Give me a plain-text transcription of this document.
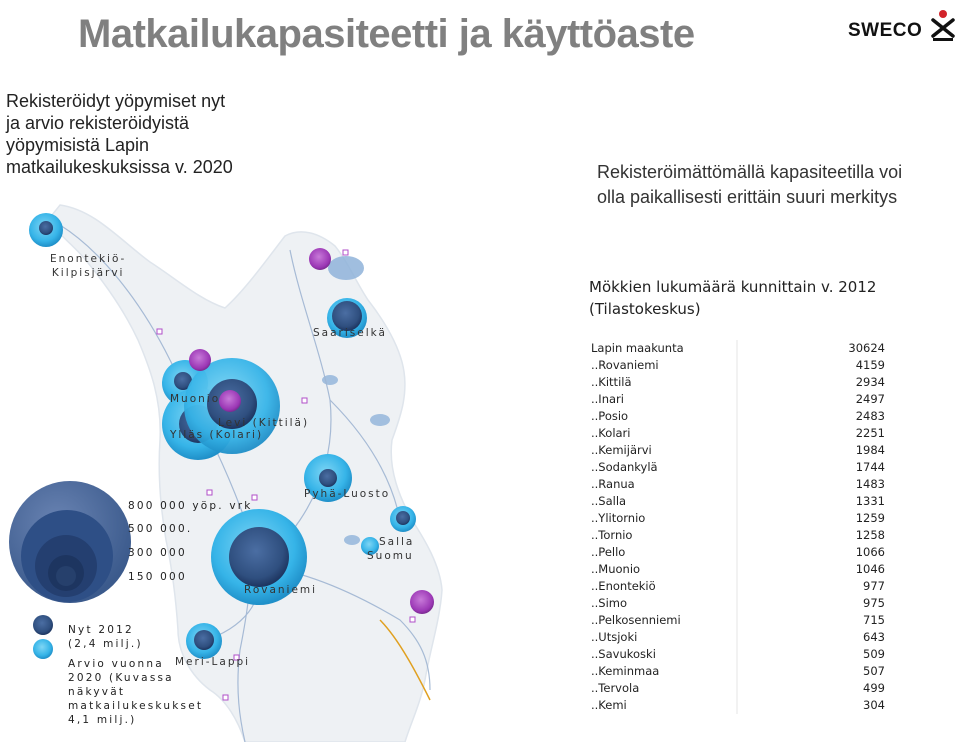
Matkailukapasiteetti ja käyttöaste	SWECO
Rekisteröidyt yöpymiset nyt ja arvio rekisteröidyistä yöpymisistä Lapin matkailukeskuksissa v. 2020	Rekisteröimättömällä kapasiteetilla voi olla paikallisesti erittäin suuri merkitys
Mökkien lukumäärä kunnittain v. 2012
(Tilastokeskus)
Lapin maakunta	30624
..Rovaniemi	4159
..Kittilä	2934
..Inari	2497
..Posio	2483
..Kolari	2251
..Kemijärvi	1984
..Sodankylä	1744
..Ranua	1483
..Salla	1331
..Ylitornio	1259
..Tornio	1258
..Pello	1066
..Muonio	1046
..Enontekiö	977
..Simo	975
..Pelkosenniemi	715
..Utsjoki	643
..Savukoski	509
..Keminmaa	507
..Tervola	499
..Kemi	304
Enontekiö-
Kilpisjärvi
Saariselkä
Muonio
Levi (Kittilä)
Ylläs (Kolari)
Pyhä-Luosto
Salla
Suomu
Rovaniemi
Meri-Lappi
800 000 yöp. vrk
500 000.
300 000
150 000
Nyt 2012 (2,4 milj.)
Arvio vuonna 2020 (Kuvassa näkyvät matkailukeskukset 4,1 milj.)
